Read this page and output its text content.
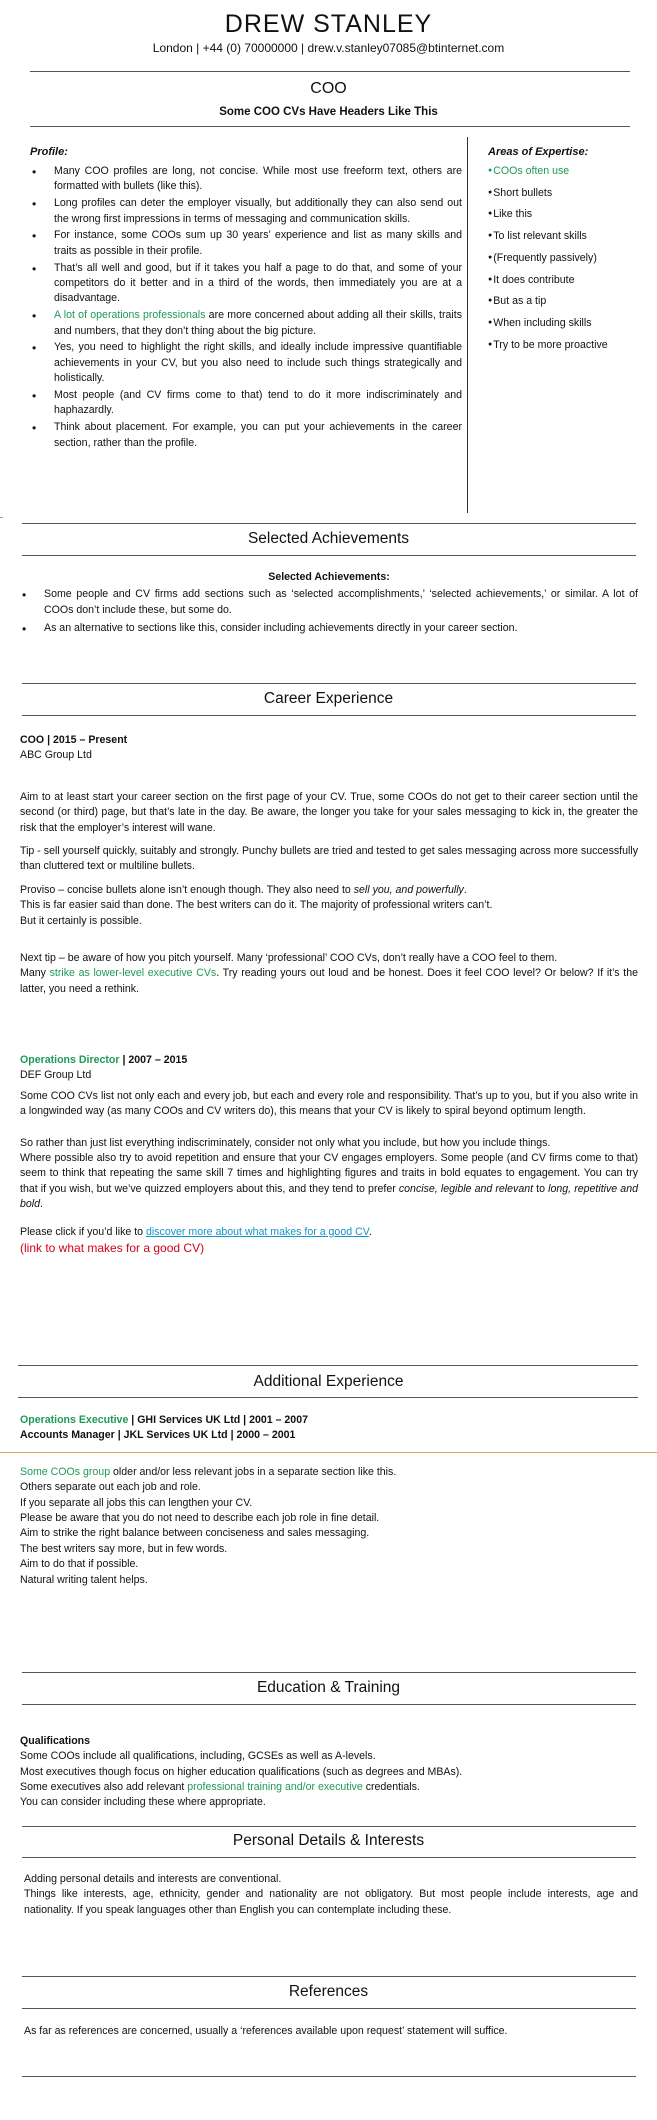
DREW STANLEY
London | +44 (0) 70000000 | drew.v.stanley07085@btinternet.com
COO
Some COO CVs Have Headers Like This
Profile:
• Many COO profiles are long, not concise. While most use freeform text, others are formatted with bullets (like this).
• Long profiles can deter the employer visually, but additionally they can also send out the wrong first impressions in terms of messaging and communication skills.
• For instance, some COOs sum up 30 years’ experience and list as many skills and traits as possible in their profile.
• That’s all well and good, but if it takes you half a page to do that, and some of your competitors do it better and in a third of the words, then immediately you are at a disadvantage.
• A lot of operations professionals are more concerned about adding all their skills, traits and numbers, that they don’t thing about the big picture.
• Yes, you need to highlight the right skills, and ideally include impressive quantifiable achievements in your CV, but you also need to include such things strategically and holistically.
• Most people (and CV firms come to that) tend to do it more indiscriminately and haphazardly.
• Think about placement. For example, you can put your achievements in the career section, rather than the profile.
Areas of Expertise:
● COOs often use
● Short bullets
● Like this
● To list relevant skills
● (Frequently passively)
● It does contribute
● But as a tip
● When including skills
● Try to be more proactive
Selected Achievements
Selected Achievements:
• Some people and CV firms add sections such as ‘selected accomplishments,’ ‘selected achievements,’ or similar. A lot of COOs don’t include these, but some do.
• As an alternative to sections like this, consider including achievements directly in your career section.
Career Experience
COO | 2015 – Present
ABC Group Ltd

Aim to at least start your career section on the first page of your CV. True, some COOs do not get to their career section until the second (or third) page, but that’s late in the day. Be aware, the longer you take for your sales messaging to kick in, the greater the risk that the employer’s interest will wane.

Tip - sell yourself quickly, suitably and strongly. Punchy bullets are tried and tested to get sales messaging across more successfully than cluttered text or multiline bullets.

Proviso – concise bullets alone isn’t enough though. They also need to sell you, and powerfully.

This is far easier said than done. The best writers can do it. The majority of professional writers can’t.

But it certainly is possible.

Next tip – be aware of how you pitch yourself. Many ‘professional’ COO CVs, don’t really have a COO feel to them.

Many strike as lower-level executive CVs. Try reading yours out loud and be honest. Does it feel COO level? Or below? If it’s the latter, you need a rethink.

Operations Director | 2007 – 2015
DEF Group Ltd

Some COO CVs list not only each and every job, but each and every role and responsibility. That’s up to you, but if you also write in a longwinded way (as many COOs and CV writers do), this means that your CV is likely to spiral beyond optimum length.

So rather than just list everything indiscriminately, consider not only what you include, but how you include things.

Where possible also try to avoid repetition and ensure that your CV engages employers. Some people (and CV firms come to that) seem to think that repeating the same skill 7 times and highlighting figures and traits in bold equates to engagement. You can try that if you wish, but we’ve quizzed employers about this, and they tend to prefer concise, legible and relevant to long, repetitive and bold.

Please click if you’d like to discover more about what makes for a good CV.

(link to what makes for a good CV)

Additional Experience
Operations Executive | GHI Services UK Ltd | 2001 – 2007
Accounts Manager | JKL Services UK Ltd | 2000 – 2001
Some COOs group older and/or less relevant jobs in a separate section like this.
Others separate out each job and role.
If you separate all jobs this can lengthen your CV.
Please be aware that you do not need to describe each job role in fine detail.
Aim to strike the right balance between conciseness and sales messaging.
The best writers say more, but in few words.
Aim to do that if possible.
Natural writing talent helps.
Education & Training
Qualifications
Some COOs include all qualifications, including, GCSEs as well as A-levels.
Most executives though focus on higher education qualifications (such as degrees and MBAs).
Some executives also add relevant professional training and/or executive credentials.
You can consider including these where appropriate.
Personal Details & Interests

Adding personal details and interests are conventional.

Things like interests, age, ethnicity, gender and nationality are not obligatory. But most people include interests, age and nationality. If you speak languages other than English you can contemplate including these.

References

As far as references are concerned, usually a ‘references available upon request’ statement will suffice.
